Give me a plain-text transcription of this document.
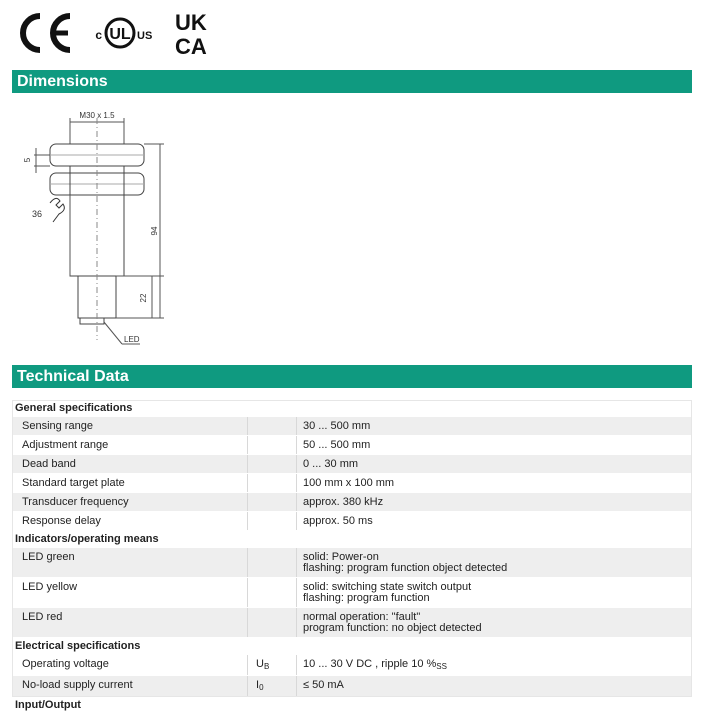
UL
c	US
UK
CA
Dimensions
M30 x 1.5
5
36
94
22
LED
Technical Data
General specifications		
Sensing range		30 ... 500 mm
Adjustment range		50 ... 500 mm
Dead band		0 ... 30 mm
Standard target plate		100 mm x 100 mm
Transducer frequency		approx. 380 kHz
Response delay		approx. 50 ms
Indicators/operating means		
LED green		solid: Power-on
flashing: program function object detected
LED yellow		solid: switching state switch output
flashing: program function
LED red		normal operation: "fault"
program function: no object detected
Electrical specifications		
Operating voltage	$U_B$	10 ... 30 V DC , ripple 10 $\%_{SS}$
No-load supply current	$I_0$	≤ 50 mA
Input/Output		
